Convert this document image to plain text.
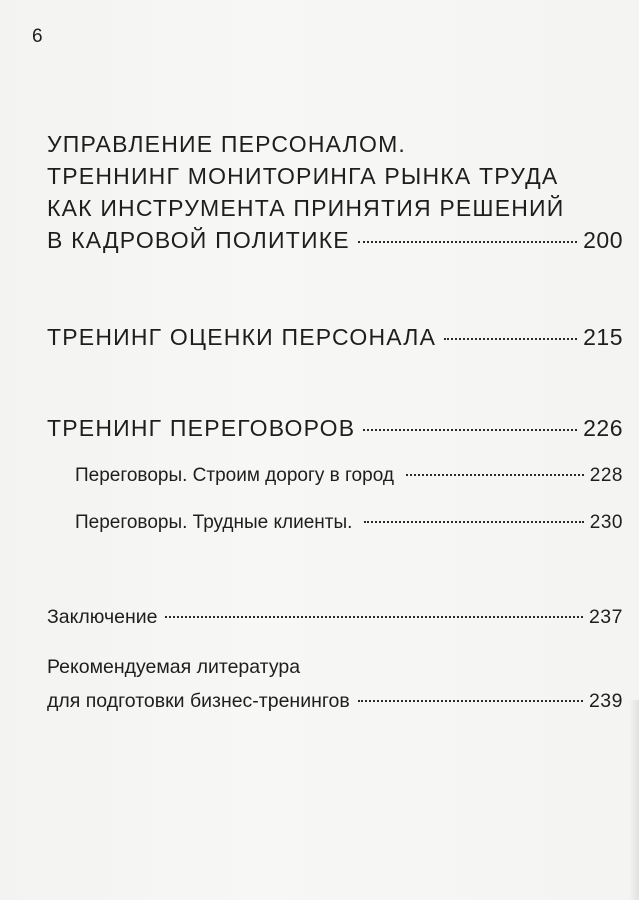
6
УПРАВЛЕНИЕ ПЕРСОНАЛОМ.
ТРЕННИНГ МОНИТОРИНГА РЫНКА ТРУДА
КАК ИНСТРУМЕНТА ПРИНЯТИЯ РЕШЕНИЙ
В КАДРОВОЙ ПОЛИТИКЕ	200
ТРЕНИНГ ОЦЕНКИ ПЕРСОНАЛА	215
ТРЕНИНГ ПЕРЕГОВОРОВ	226
Переговоры. Строим дорогу в город	228
Переговоры. Трудные клиенты.	230
Заключение	237
Рекомендуемая литература
для подготовки бизнес-тренингов	239
